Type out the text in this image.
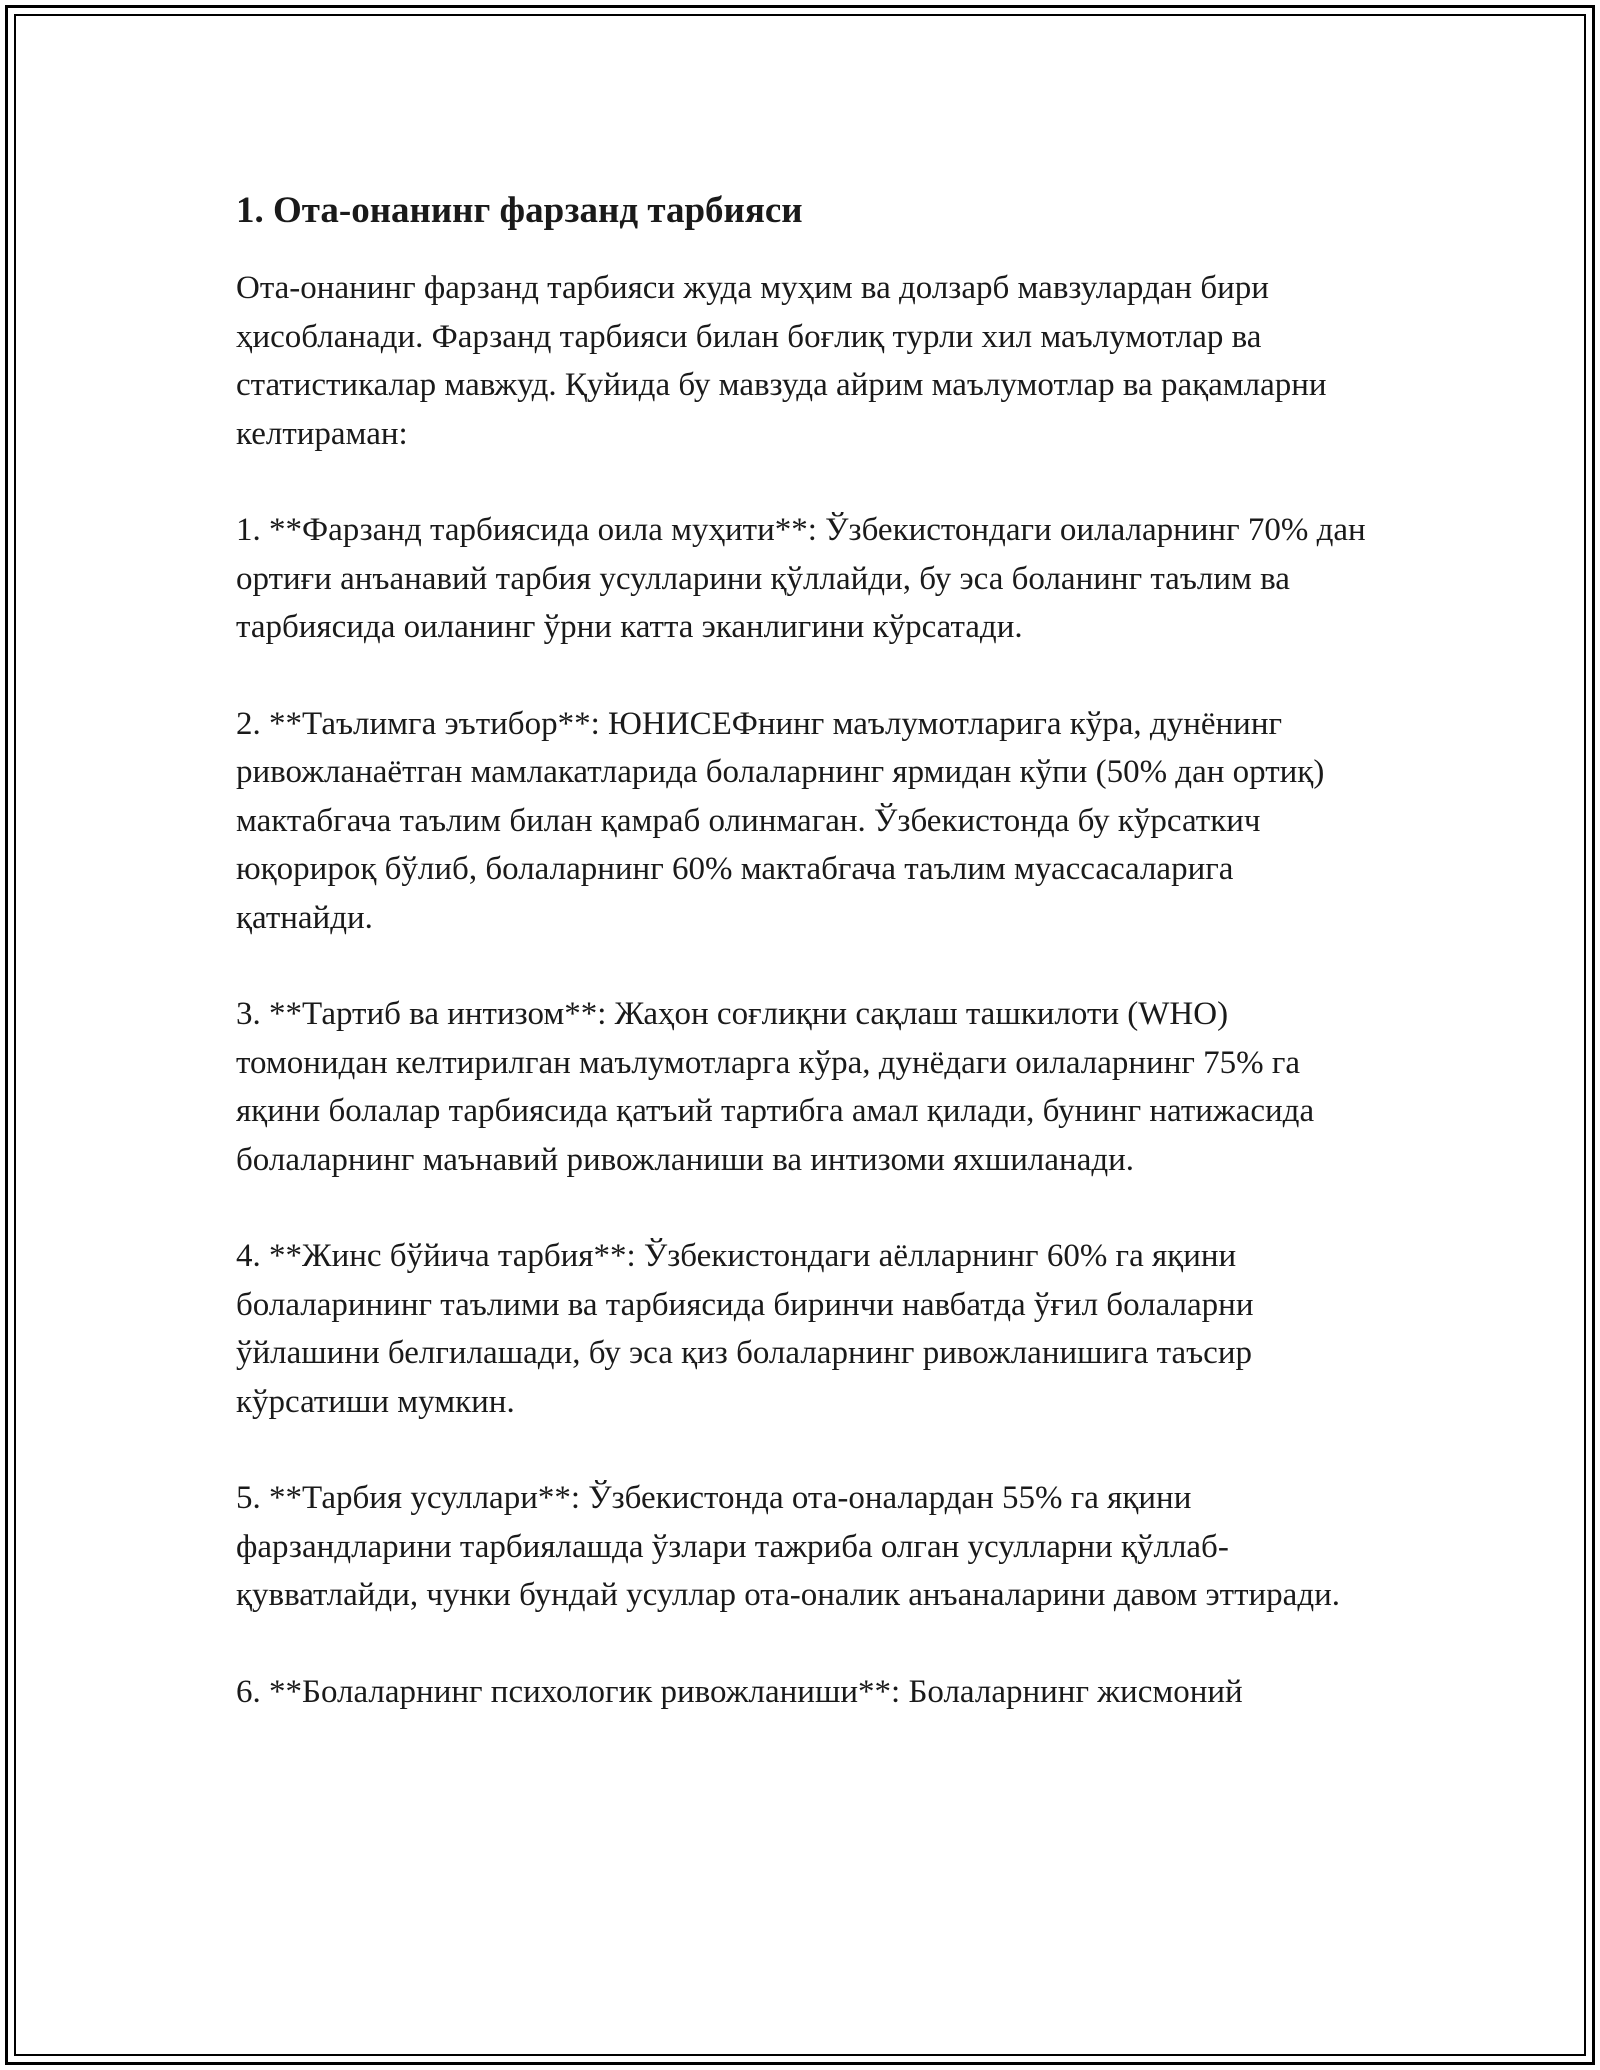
1. Ота-онанинг фарзанд тарбияси

Ота-онанинг фарзанд тарбияси жуда муҳим ва долзарб мавзулардан бири ҳисобланади. Фарзанд тарбияси билан боғлиқ турли хил маълумотлар ва статистикалар мавжуд. Қуйида бу мавзуда айрим маълумотлар ва рақамларни келтираман:

1. **Фарзанд тарбиясида оила муҳити**: Ўзбекистондаги оилаларнинг 70% дан ортиғи анъанавий тарбия усулларини қўллайди, бу эса боланинг таълим ва тарбиясида оиланинг ўрни катта эканлигини кўрсатади.

2. **Таълимга эътибор**: ЮНИСЕФнинг маълумотларига кўра, дунёнинг ривожланаётган мамлакатларида болаларнинг ярмидан кўпи (50% дан ортиқ) мактабгача таълим билан қамраб олинмаган. Ўзбекистонда бу кўрсаткич юқорироқ бўлиб, болаларнинг 60% мактабгача таълим муассасаларига қатнайди.

3. **Тартиб ва интизом**: Жаҳон соғлиқни сақлаш ташкилоти (WHO) томонидан келтирилган маълумотларга кўра, дунёдаги оилаларнинг 75% га яқини болалар тарбиясида қатъий тартибга амал қилади, бунинг натижасида болаларнинг маънавий ривожланиши ва интизоми яхшиланади.

4. **Жинс бўйича тарбия**: Ўзбекистондаги аёлларнинг 60% га яқини болаларининг таълими ва тарбиясида биринчи навбатда ўғил болаларни ўйлашини белгилашади, бу эса қиз болаларнинг ривожланишига таъсир кўрсатиши мумкин.

5. **Тарбия усуллари**: Ўзбекистонда ота-оналардан 55% га яқини фарзандларини тарбиялашда ўзлари тажриба олган усулларни қўллаб-қувватлайди, чунки бундай усуллар ота-оналик анъаналарини давом эттиради.

6. **Болаларнинг психологик ривожланиши**: Болаларнинг жисмоний
